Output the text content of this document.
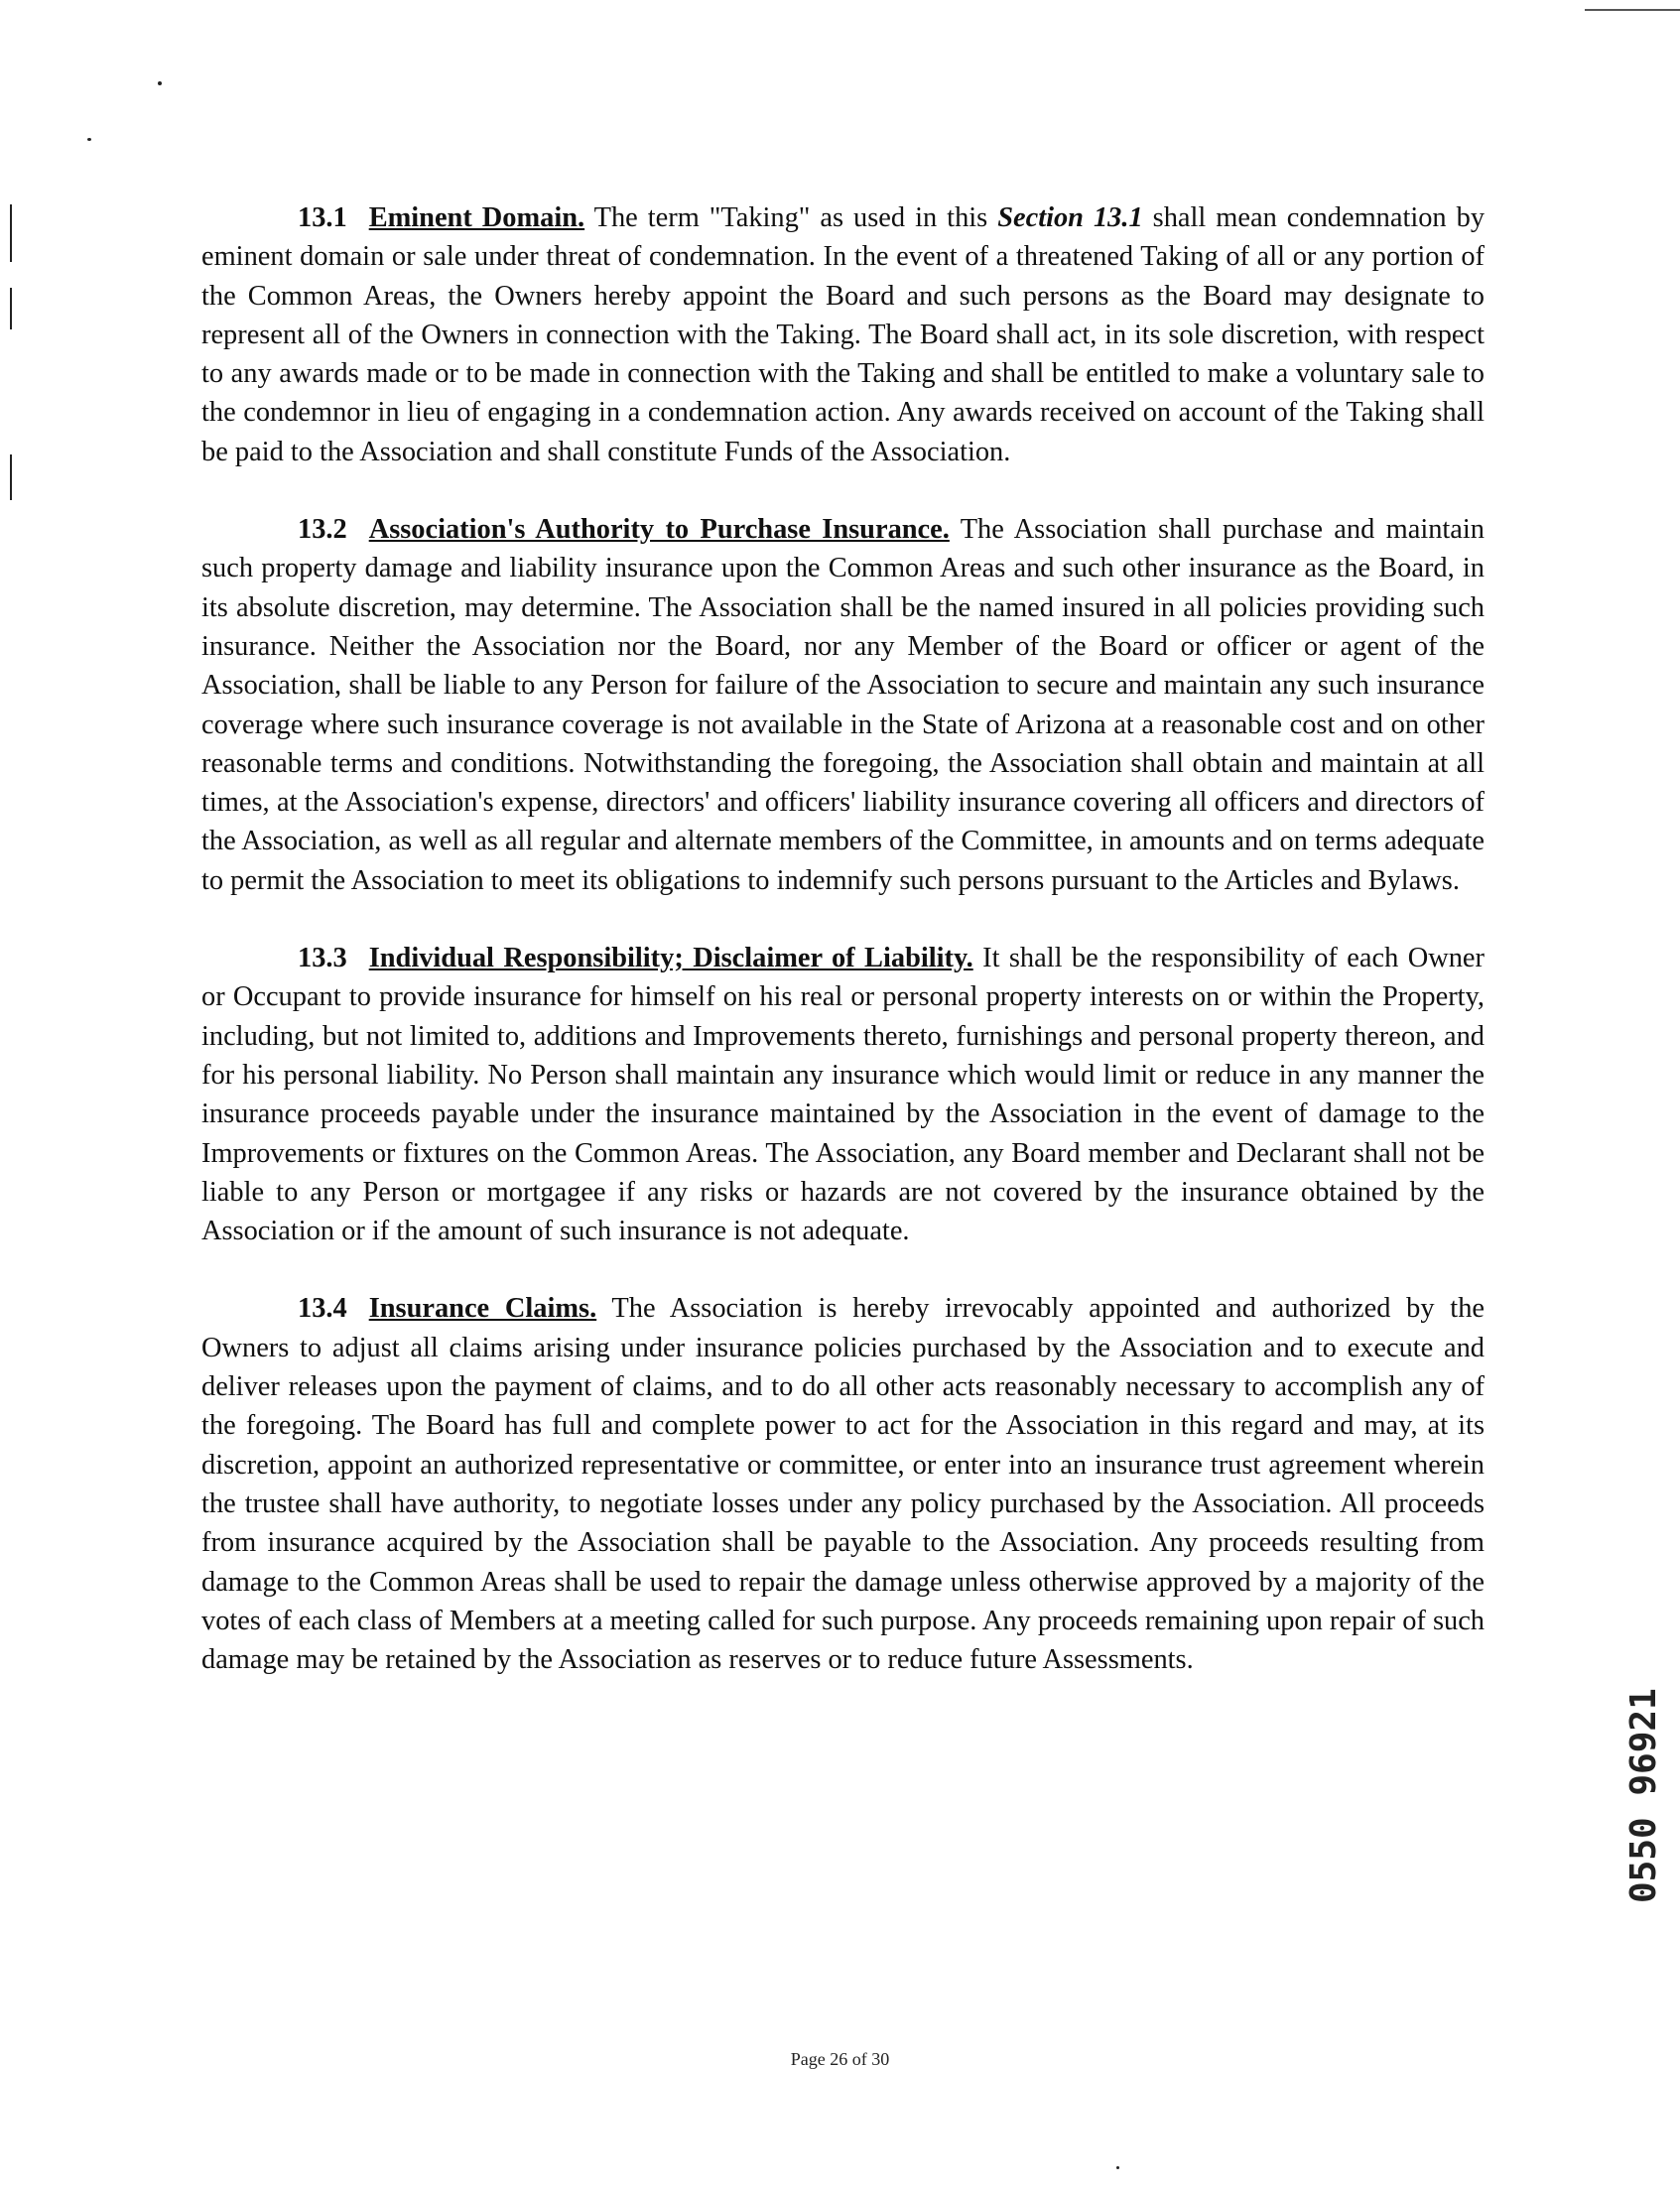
13.1 Eminent Domain. The term "Taking" as used in this Section 13.1 shall mean condemnation by eminent domain or sale under threat of condemnation. In the event of a threatened Taking of all or any portion of the Common Areas, the Owners hereby appoint the Board and such persons as the Board may designate to represent all of the Owners in connection with the Taking. The Board shall act, in its sole discretion, with respect to any awards made or to be made in connection with the Taking and shall be entitled to make a voluntary sale to the condemnor in lieu of engaging in a condemnation action. Any awards received on account of the Taking shall be paid to the Association and shall constitute Funds of the Association.

13.2 Association's Authority to Purchase Insurance. The Association shall purchase and maintain such property damage and liability insurance upon the Common Areas and such other insurance as the Board, in its absolute discretion, may determine. The Association shall be the named insured in all policies providing such insurance. Neither the Association nor the Board, nor any Member of the Board or officer or agent of the Association, shall be liable to any Person for failure of the Association to secure and maintain any such insurance coverage where such insurance coverage is not available in the State of Arizona at a reasonable cost and on other reasonable terms and conditions. Notwithstanding the foregoing, the Association shall obtain and maintain at all times, at the Association's expense, directors' and officers' liability insurance covering all officers and directors of the Association, as well as all regular and alternate members of the Committee, in amounts and on terms adequate to permit the Association to meet its obligations to indemnify such persons pursuant to the Articles and Bylaws.

13.3 Individual Responsibility; Disclaimer of Liability. It shall be the responsibility of each Owner or Occupant to provide insurance for himself on his real or personal property interests on or within the Property, including, but not limited to, additions and Improvements thereto, furnishings and personal property thereon, and for his personal liability. No Person shall maintain any insurance which would limit or reduce in any manner the insurance proceeds payable under the insurance maintained by the Association in the event of damage to the Improvements or fixtures on the Common Areas. The Association, any Board member and Declarant shall not be liable to any Person or mortgagee if any risks or hazards are not covered by the insurance obtained by the Association or if the amount of such insurance is not adequate.

13.4 Insurance Claims. The Association is hereby irrevocably appointed and authorized by the Owners to adjust all claims arising under insurance policies purchased by the Association and to execute and deliver releases upon the payment of claims, and to do all other acts reasonably necessary to accomplish any of the foregoing. The Board has full and complete power to act for the Association in this regard and may, at its discretion, appoint an authorized representative or committee, or enter into an insurance trust agreement wherein the trustee shall have authority, to negotiate losses under any policy purchased by the Association. All proceeds from insurance acquired by the Association shall be payable to the Association. Any proceeds resulting from damage to the Common Areas shall be used to repair the damage unless otherwise approved by a majority of the votes of each class of Members at a meeting called for such purpose. Any proceeds remaining upon repair of such damage may be retained by the Association as reserves or to reduce future Assessments.

Page 26 of 30
0550 96921
